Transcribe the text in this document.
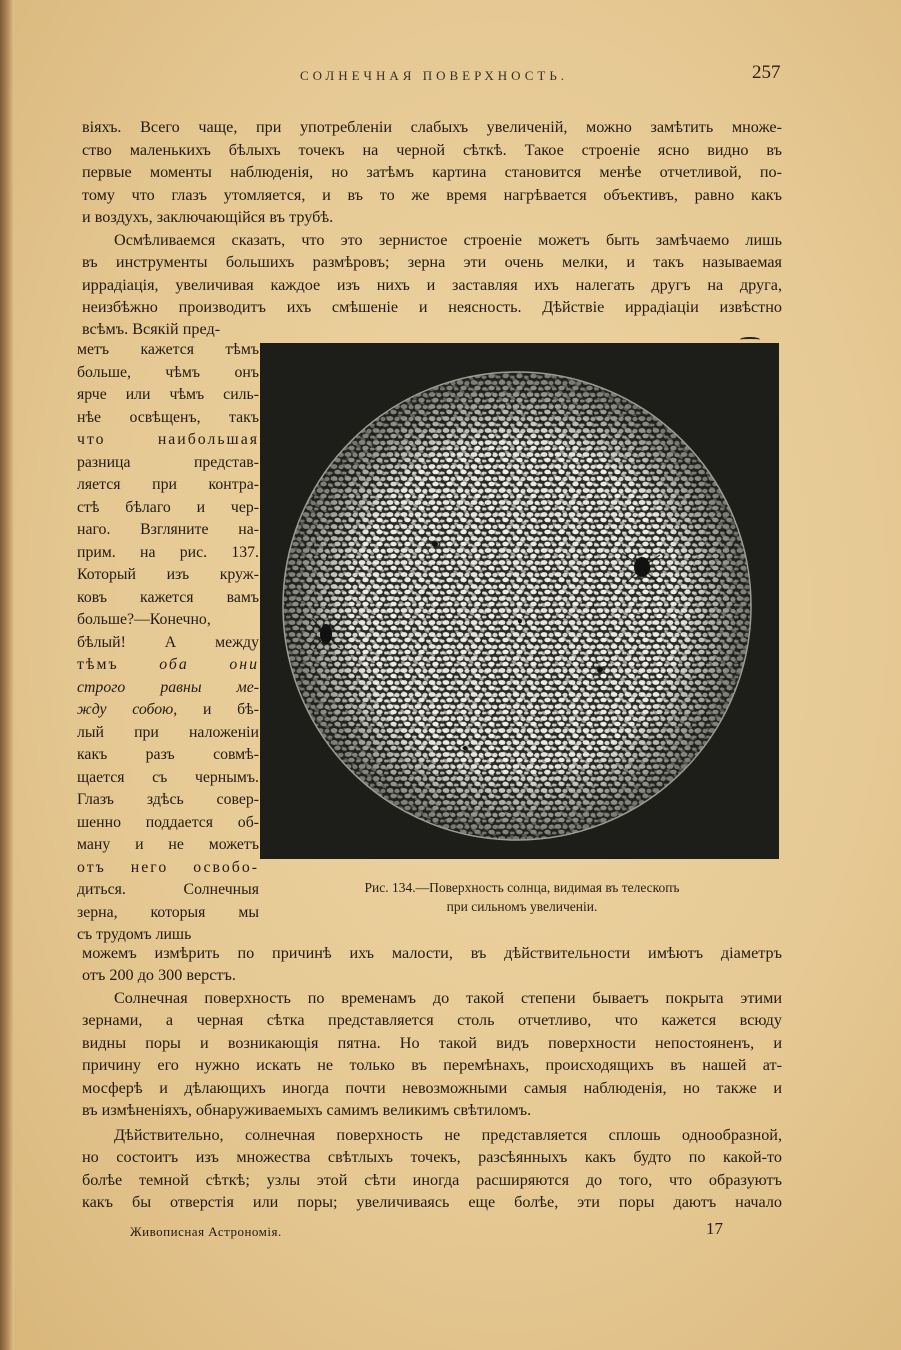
СОЛНЕЧНАЯ ПОВЕРХНОСТЬ.	257
віяхъ. Всего чаще, при употребленіи слабыхъ увеличеній, можно замѣтить множе-
ство маленькихъ бѣлыхъ точекъ на черной сѣткѣ. Такое строеніе ясно видно въ
первые моменты наблюденія, но затѣмъ картина становится менѣе отчетливой, по-
тому что глазъ утомляется, и въ то же время нагрѣвается объективъ, равно какъ
и воздухъ, заключающійся въ трубѣ.
Осмѣливаемся сказать, что это зернистое строеніе можетъ быть замѣчаемо лишь
въ инструменты большихъ размѣровъ; зерна эти очень мелки, и такъ называемая
иррадіація, увеличивая каждое изъ нихъ и заставляя ихъ налегать другъ на друга,
неизбѣжно производитъ ихъ смѣшеніе и неясность. Дѣйствіе иррадіаціи извѣстно
всѣмъ. Всякій пред-
метъ кажется тѣмъ
больше, чѣмъ онъ
ярче или чѣмъ силь-
нѣе освѣщенъ, такъ
что наибольшая
разница представ-
ляется при контра-
стѣ бѣлаго и чер-
наго. Взгляните на-
прим. на рис. 137.
Который изъ круж-
ковъ кажется вамъ
больше?—Конечно,
бѣлый! А между
тѣмъ оба они
строго равны ме-
жду собою, и бѣ-
лый при наложеніи
какъ разъ совмѣ-
щается съ чернымъ.
Глазъ здѣсь совер-
шенно поддается об-
ману и не можетъ
отъ него освобо-
диться. Солнечныя
зерна, которыя мы
съ трудомъ лишь
Рис. 134.—Поверхность солнца, видимая въ телескопъ
при сильномъ увеличеніи.
можемъ измѣрить по причинѣ ихъ малости, въ дѣйствительности имѣютъ діаметръ
отъ 200 до 300 верстъ.
Солнечная поверхность по временамъ до такой степени бываетъ покрыта этими
зернами, а черная сѣтка представляется столь отчетливо, что кажется всюду
видны поры и возникающія пятна. Но такой видъ поверхности непостояненъ, и
причину его нужно искать не только въ перемѣнахъ, происходящихъ въ нашей ат-
мосферѣ и дѣлающихъ иногда почти невозможными самыя наблюденія, но также и
въ измѣненіяхъ, обнаруживаемыхъ самимъ великимъ свѣтиломъ.
Дѣйствительно, солнечная поверхность не представляется сплошь однообразной,
но состоитъ изъ множества свѣтлыхъ точекъ, разсѣянныхъ какъ будто по какой-то
болѣе темной сѣткѣ; узлы этой сѣти иногда расширяются до того, что образуютъ
какъ бы отверстія или поры; увеличиваясь еще болѣе, эти поры даютъ начало
Живописная Астрономія.	17
